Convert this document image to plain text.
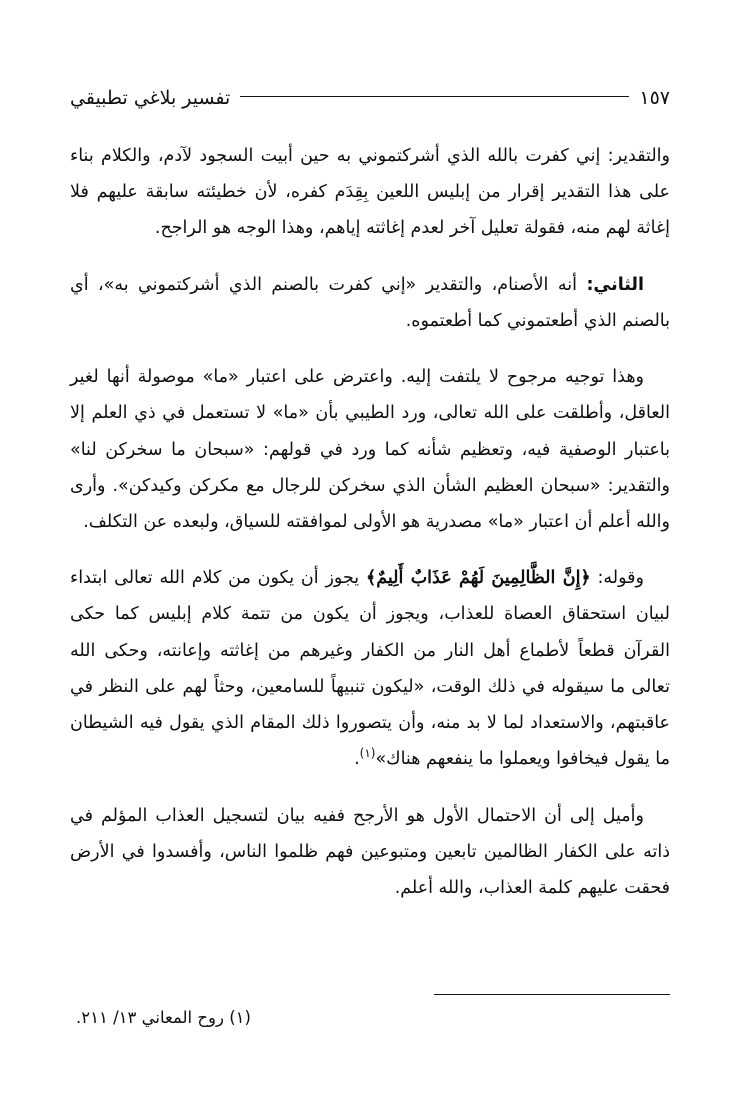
١٥٧
تفسير بلاغي تطبيقي

والتقدير: إني كفرت بالله الذي أشركتموني به حين أبيت السجود لآدم، والكلام بناء على هذا التقدير إقرار من إبليس اللعين بِقِدَم كفره، لأن خطيئته سابقة عليهم فلا إغاثة لهم منه، فقولة تعليل آخر لعدم إغاثته إياهم، وهذا الوجه هو الراجح.

الثاني: أنه الأصنام، والتقدير «إني كفرت بالصنم الذي أشركتموني به»، أي بالصنم الذي أطعتموني كما أطعتموه.

وهذا توجيه مرجوح لا يلتفت إليه. واعترض على اعتبار «ما» موصولة أنها لغير العاقل، وأطلقت على الله تعالى، ورد الطيبي بأن «ما» لا تستعمل في ذي العلم إلا باعتبار الوصفية فيه، وتعظيم شأنه كما ورد في قولهم: «سبحان ما سخركن لنا» والتقدير: «سبحان العظيم الشأن الذي سخركن للرجال مع مكركن وكيدكن». وأرى والله أعلم أن اعتبار «ما» مصدرية هو الأولى لموافقته للسياق، ولبعده عن التكلف.

وقوله: ﴿إِنَّ الظَّالِمِينَ لَهُمْ عَذَابٌ أَلِيمٌ﴾ يجوز أن يكون من كلام الله تعالى ابتداء لبيان استحقاق العصاة للعذاب، ويجوز أن يكون من تتمة كلام إبليس كما حكى القرآن قطعاً لأطماع أهل النار من الكفار وغيرهم من إغاثته وإعانته، وحكى الله تعالى ما سيقوله في ذلك الوقت، «ليكون تنبيهاً للسامعين، وحثاً لهم على النظر في عاقبتهم، والاستعداد لما لا بد منه، وأن يتصوروا ذلك المقام الذي يقول فيه الشيطان ما يقول فيخافوا ويعملوا ما ينفعهم هناك»$^{(١)}$.

وأميل إلى أن الاحتمال الأول هو الأرجح ففيه بيان لتسجيل العذاب المؤلم في ذاته على الكفار الظالمين تابعين ومتبوعين فهم ظلموا الناس، وأفسدوا في الأرض فحقت عليهم كلمة العذاب، والله أعلم.

(١) روح المعاني ١٣/ ٢١١.
